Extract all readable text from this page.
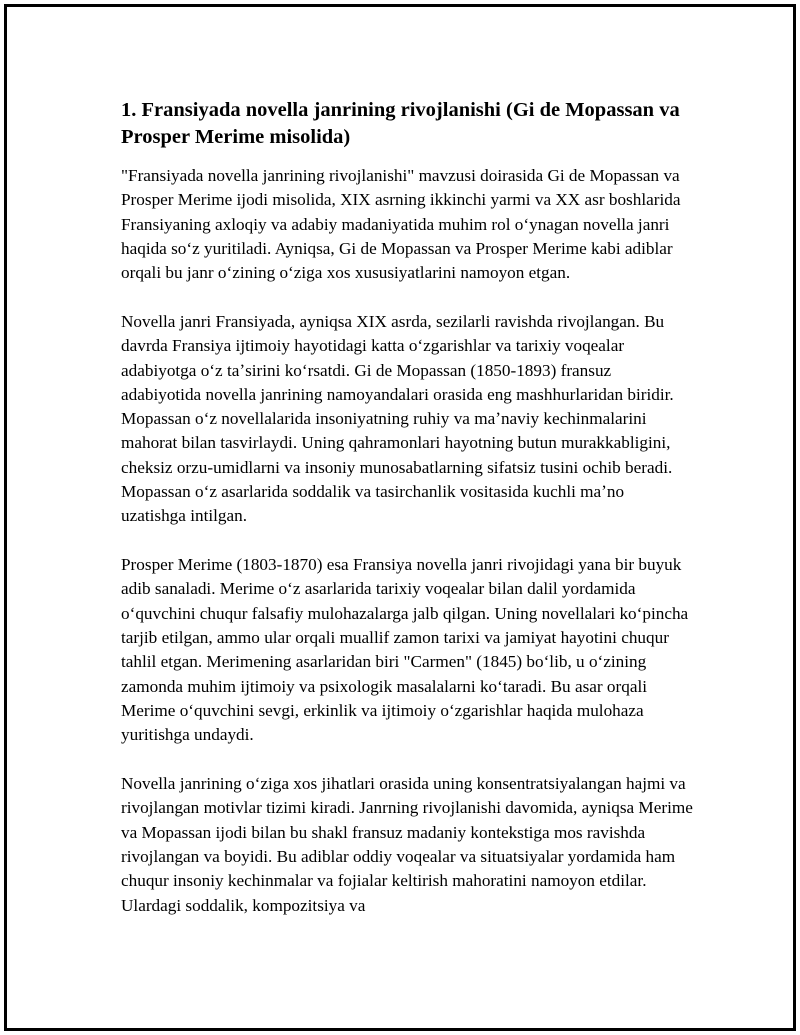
1. Fransiyada novella janrining rivojlanishi (Gi de Mopassan va Prosper Merime misolida)

"Fransiyada novella janrining rivojlanishi" mavzusi doirasida Gi de Mopassan va Prosper Merime ijodi misolida, XIX asrning ikkinchi yarmi va XX asr boshlarida Fransiyaning axloqiy va adabiy madaniyatida muhim rol oʻynagan novella janri haqida soʻz yuritiladi. Ayniqsa, Gi de Mopassan va Prosper Merime kabi adiblar orqali bu janr oʻzining oʻziga xos xususiyatlarini namoyon etgan.

Novella janri Fransiyada, ayniqsa XIX asrda, sezilarli ravishda rivojlangan. Bu davrda Fransiya ijtimoiy hayotidagi katta oʻzgarishlar va tarixiy voqealar adabiyotga oʻz taʼsirini koʻrsatdi. Gi de Mopassan (1850-1893) fransuz adabiyotida novella janrining namoyandalari orasida eng mashhurlaridan biridir. Mopassan oʻz novellalarida insoniyatning ruhiy va maʼnaviy kechinmalarini mahorat bilan tasvirlaydi. Uning qahramonlari hayotning butun murakkabligini, cheksiz orzu-umidlarni va insoniy munosabatlarning sifatsiz tusini ochib beradi. Mopassan oʻz asarlarida soddalik va tasirchanlik vositasida kuchli maʼno uzatishga intilgan.

Prosper Merime (1803-1870) esa Fransiya novella janri rivojidagi yana bir buyuk adib sanaladi. Merime oʻz asarlarida tarixiy voqealar bilan dalil yordamida oʻquvchini chuqur falsafiy mulohazalarga jalb qilgan. Uning novellalari koʻpincha tarjib etilgan, ammo ular orqali muallif zamon tarixi va jamiyat hayotini chuqur tahlil etgan. Merimening asarlaridan biri "Carmen" (1845) boʻlib, u oʻzining zamonda muhim ijtimoiy va psixologik masalalarni koʻtaradi. Bu asar orqali Merime oʻquvchini sevgi, erkinlik va ijtimoiy oʻzgarishlar haqida mulohaza yuritishga undaydi.

Novella janrining oʻziga xos jihatlari orasida uning konsentratsiyalangan hajmi va rivojlangan motivlar tizimi kiradi. Janrning rivojlanishi davomida, ayniqsa Merime va Mopassan ijodi bilan bu shakl fransuz madaniy kontekstiga mos ravishda rivojlangan va boyidi. Bu adiblar oddiy voqealar va situatsiyalar yordamida ham chuqur insoniy kechinmalar va fojialar keltirish mahoratini namoyon etdilar. Ulardagi soddalik, kompozitsiya va
